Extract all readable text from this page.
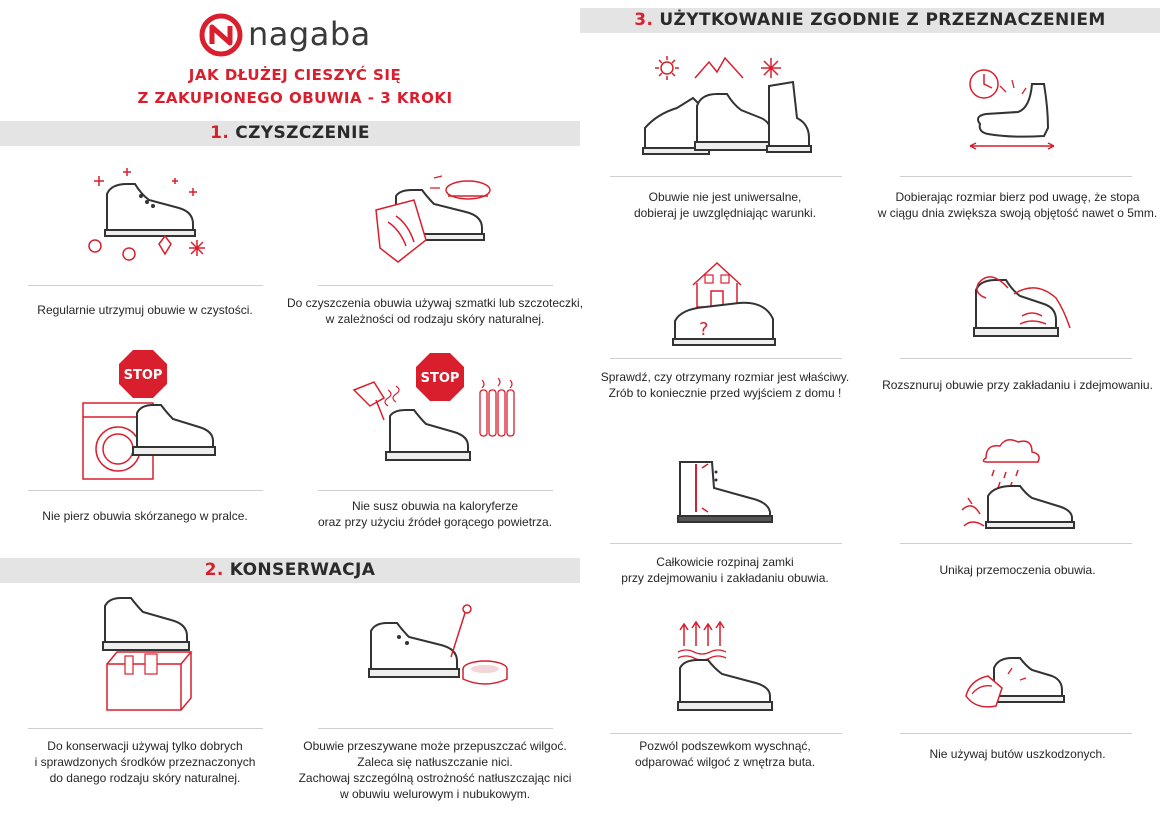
nagaba
JAK DŁUŻEJ CIESZYĆ SIĘ
Z ZAKUPIONEGO OBUWIA - 3 KROKI
1. CZYSZCZENIE
Regularnie utrzymuj obuwie w czystości.	Do czyszczenia obuwia używaj szmatki lub szczoteczki,
w zależności od rodzaju skóry naturalnej.
STOP
Nie pierz obuwia skórzanego w pralce.
STOP
Nie susz obuwia na kaloryferze
oraz przy użyciu źródeł gorącego powietrza.
2. KONSERWACJA
Do konserwacji używaj tylko dobrych
i sprawdzonych środków przeznaczonych
do danego rodzaju skóry naturalnej.
Obuwie przeszywane może przepuszczać wilgoć.
Zaleca się natłuszczanie nici.
Zachowaj szczególną ostrożność natłuszczając nici
w obuwiu welurowym i nubukowym.
3. UŻYTKOWANIE ZGODNIE Z PRZEZNACZENIEM
Obuwie nie jest uniwersalne,
dobieraj je uwzględniając warunki.
Dobierając rozmiar bierz pod uwagę, że stopa
w ciągu dnia zwiększa swoją objętość nawet o 5mm.
?
Sprawdź, czy otrzymany rozmiar jest właściwy.
Zrób to koniecznie przed wyjściem z domu !
Rozsznuruj obuwie przy zakładaniu i zdejmowaniu.
Całkowicie rozpinaj zamki
przy zdejmowaniu i zakładaniu obuwia.
Unikaj przemoczenia obuwia.
Pozwól podszewkom wyschnąć,
odparować wilgoć z wnętrza buta.
Nie używaj butów uszkodzonych.
